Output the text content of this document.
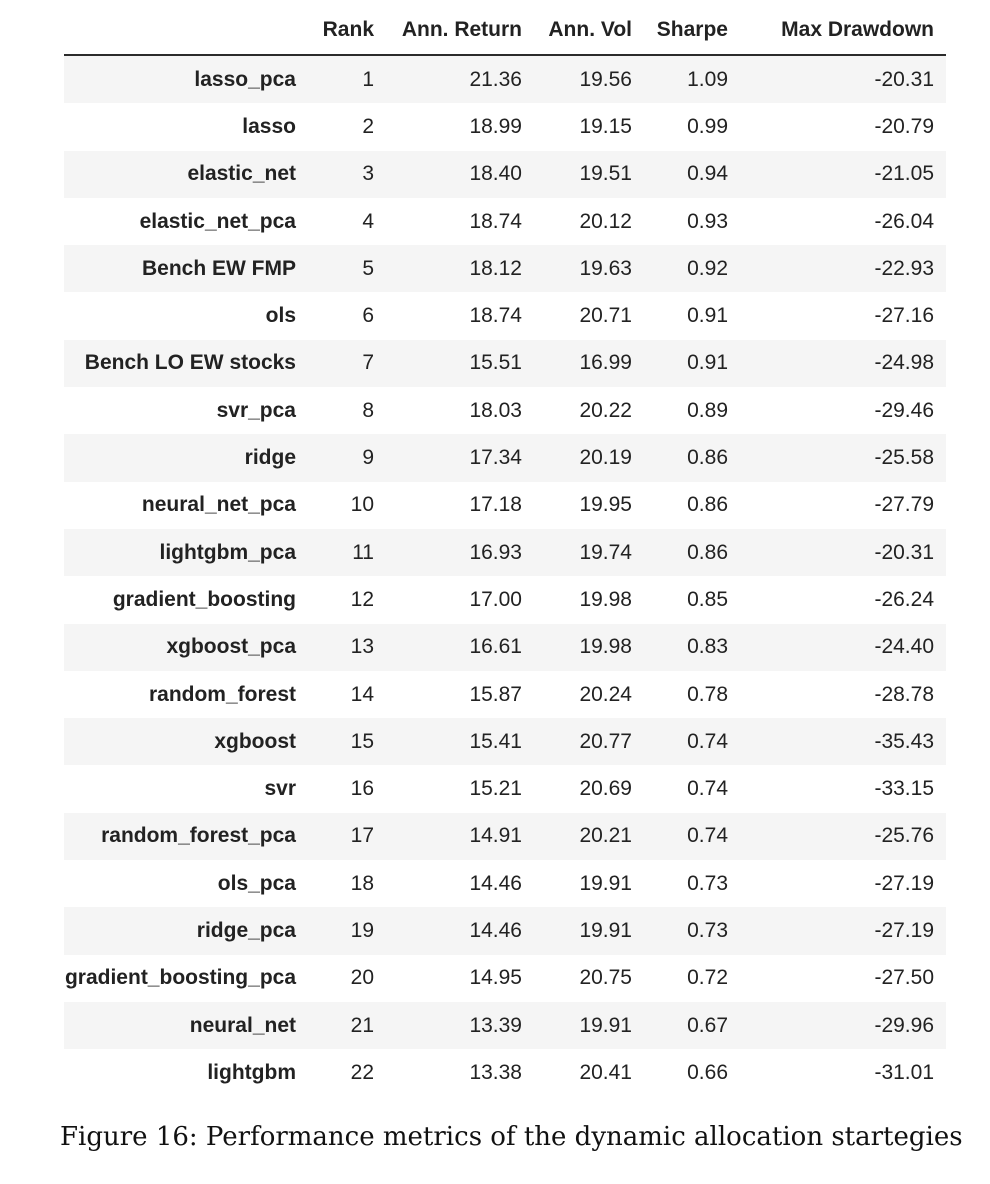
	Rank	Ann. Return	Ann. Vol	Sharpe	Max Drawdown
lasso_pca	1	21.36	19.56	1.09	-20.31
lasso	2	18.99	19.15	0.99	-20.79
elastic_net	3	18.40	19.51	0.94	-21.05
elastic_net_pca	4	18.74	20.12	0.93	-26.04
Bench EW FMP	5	18.12	19.63	0.92	-22.93
ols	6	18.74	20.71	0.91	-27.16
Bench LO EW stocks	7	15.51	16.99	0.91	-24.98
svr_pca	8	18.03	20.22	0.89	-29.46
ridge	9	17.34	20.19	0.86	-25.58
neural_net_pca	10	17.18	19.95	0.86	-27.79
lightgbm_pca	11	16.93	19.74	0.86	-20.31
gradient_boosting	12	17.00	19.98	0.85	-26.24
xgboost_pca	13	16.61	19.98	0.83	-24.40
random_forest	14	15.87	20.24	0.78	-28.78
xgboost	15	15.41	20.77	0.74	-35.43
svr	16	15.21	20.69	0.74	-33.15
random_forest_pca	17	14.91	20.21	0.74	-25.76
ols_pca	18	14.46	19.91	0.73	-27.19
ridge_pca	19	14.46	19.91	0.73	-27.19
gradient_boosting_pca	20	14.95	20.75	0.72	-27.50
neural_net	21	13.39	19.91	0.67	-29.96
lightgbm	22	13.38	20.41	0.66	-31.01
Figure 16: Performance metrics of the dynamic allocation startegies
